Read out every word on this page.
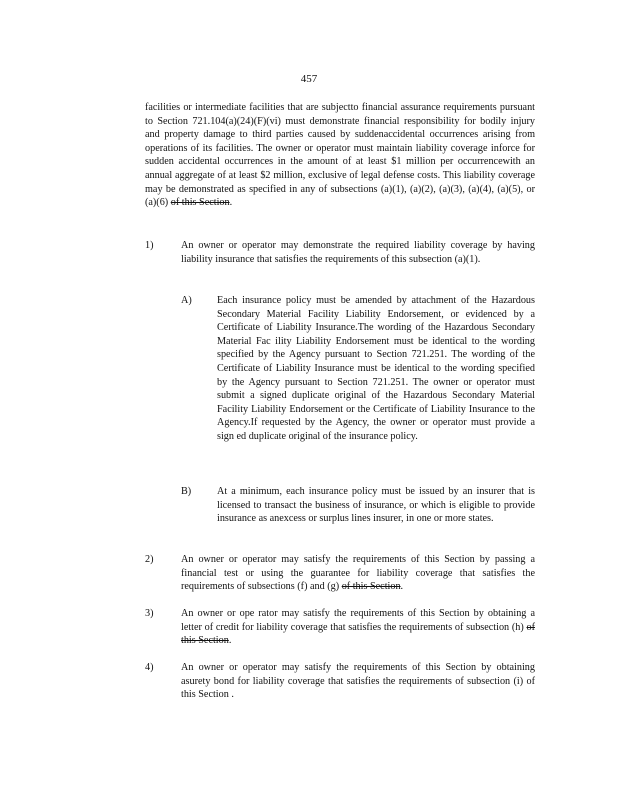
457
facilities or intermediate facilities that are subjectto financial assurance requirements pursuant to Section 721.104(a)(24)(F)(vi) must demonstrate financial responsibility for bodily injury and property damage to third parties caused by suddenaccidental occurrences arising from operations of its facilities. The owner or operator must maintain liability coverage inforce for sudden accidental occurrences in the amount of at least $1 million per occurrencewith an annual aggregate of at least $2 million, exclusive of legal defense costs. This liability coverage may be demonstrated as specified in any of subsections (a)(1), (a)(2), (a)(3), (a)(4), (a)(5), or (a)(6) of this Section.
1)	An owner or operator may demonstrate the required liability coverage by having liability insurance that satisfies the requirements of this subsection (a)(1).
A) Each insurance policy must be amended by attachment of the Hazardous Secondary Material Facility Liability Endorsement, or evidenced by a Certificate of Liability Insurance.The wording of the Hazardous Secondary Material Fac ility Liability Endorsement must be identical to the wording specified by the Agency pursuant to Section 721.251. The wording of the Certificate of Liability Insurance must be identical to the wording specified by the Agency pursuant to Section 721.251. The owner or operator must submit a signed duplicate original of the Hazardous Secondary Material Facility Liability Endorsement or the Certificate of Liability Insurance to the Agency.If requested by the Agency, the owner or operator must provide a sign ed duplicate original of the insurance policy.
B)	At a minimum, each insurance policy must be issued by an insurer that is licensed to transact the business of insurance, or which is eligible to provide insurance as anexcess or surplus lines insurer, in one or more states.
2)	An owner or operator may satisfy the requirements of this Section by passing a financial test or using the guarantee for liability coverage that satisfies the requirements of subsections (f) and (g) of this Section.
3)	An owner or ope rator may satisfy the requirements of this Section by obtaining a letter of credit for liability coverage that satisfies the requirements of subsection (h) of this Section.
4)	An owner or operator may satisfy the requirements of this Section by obtaining asurety bond for liability coverage that satisfies the requirements of subsection (i) of this Section .
